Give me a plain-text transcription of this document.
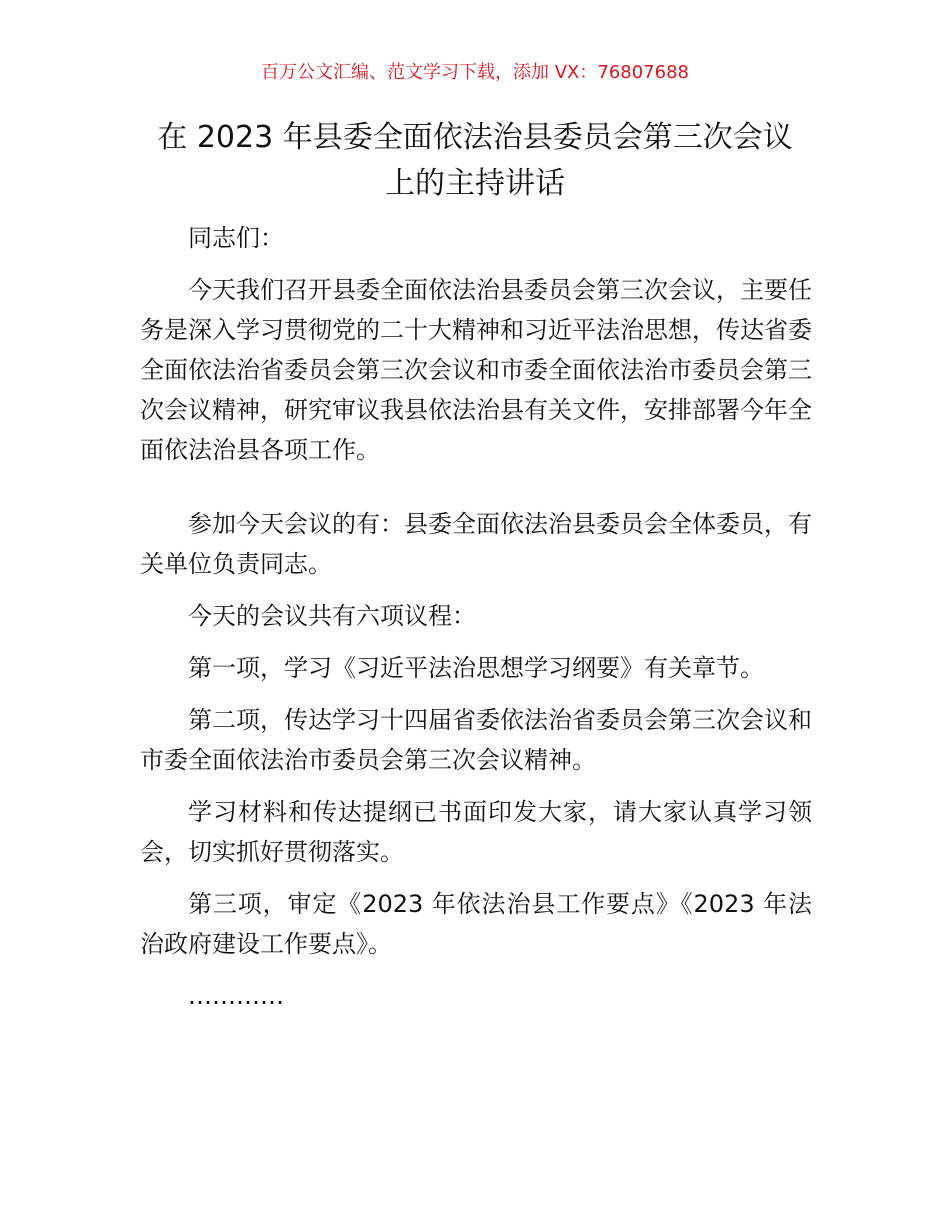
百万公文汇编、范文学习下载，添加 VX：76807688
在 2023 年县委全面依法治县委员会第三次会议
上的主持讲话

同志们：

今天我们召开县委全面依法治县委员会第三次会议，主要任务是深入学习贯彻党的二十大精神和习近平法治思想，传达省委全面依法治省委员会第三次会议和市委全面依法治市委员会第三次会议精神，研究审议我县依法治县有关文件，安排部署今年全面依法治县各项工作。

参加今天会议的有：县委全面依法治县委员会全体委员，有关单位负责同志。

今天的会议共有六项议程：

第一项，学习《习近平法治思想学习纲要》有关章节。

第二项，传达学习十四届省委依法治省委员会第三次会议和市委全面依法治市委员会第三次会议精神。

学习材料和传达提纲已书面印发大家，请大家认真学习领会，切实抓好贯彻落实。

第三项，审定《2023 年依法治县工作要点》《2023 年法治政府建设工作要点》。

…………
